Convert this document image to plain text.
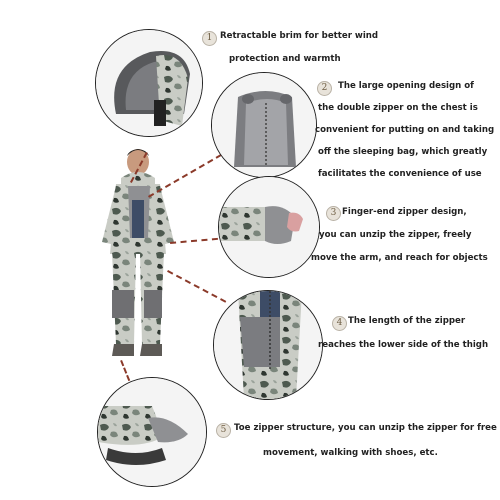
1
2
3
4
5
Retractable brim for better wind
protection and warmth
The large opening design of
the double zipper on the chest is
convenient for putting on and taking
off the sleeping bag, which greatly
facilitates the convenience of use
Finger-end zipper design,
you can unzip the zipper, freely
move the arm, and reach for objects
The length of the zipper
reaches the lower side of the thigh
Toe zipper structure, you can unzip the zipper for free
movement, walking with shoes, etc.
